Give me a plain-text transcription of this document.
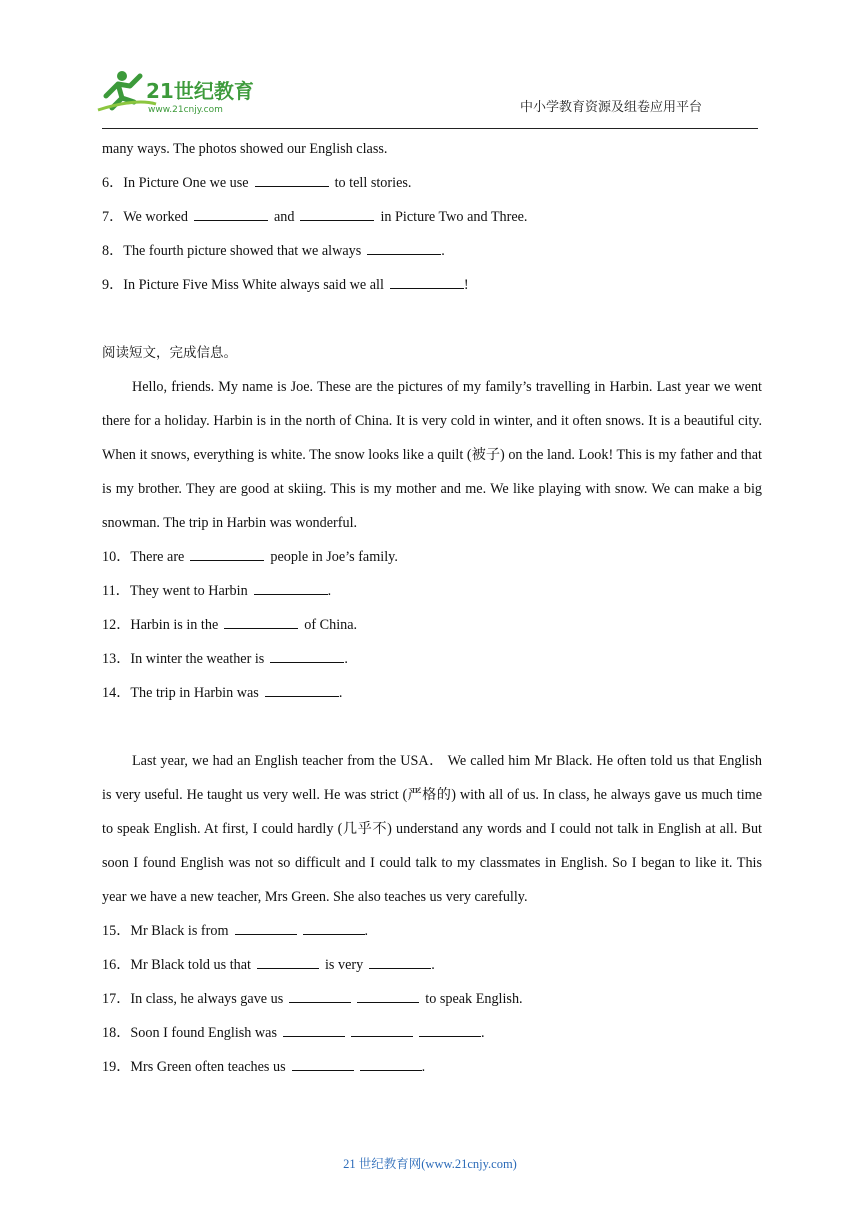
21世纪教育
www.21cnjy.com	中小学教育资源及组卷应用平台
many ways. The photos showed our English class.
6．In Picture One we use	to tell stories.
7．We worked	and	in Picture Two and Three.
8．The fourth picture showed that we always	.
9．In Picture Five Miss White always said we all	!
阅读短文，完成信息。

Hello, friends. My name is Joe. These are the pictures of my family’s travelling in Harbin. Last year we went there for a holiday. Harbin is in the north of China. It is very cold in winter, and it often snows. It is a beautiful city. When it snows, everything is white. The snow looks like a quilt (被子) on the land. Look! This is my father and that is my brother. They are good at skiing. This is my mother and me. We like playing with snow. We can make a big snowman. The trip in Harbin was wonderful.

10．There are	people in Joe’s family.
11．They went to Harbin	.
12．Harbin is in the	of China.
13．In winter the weather is	.
14．The trip in Harbin was	.

Last year, we had an English teacher from the USA． We called him Mr Black. He often told us that English is very useful. He taught us very well. He was strict (严格的) with all of us. In class, he always gave us much time to speak English. At first, I could hardly (几乎不) understand any words and I could not talk in English at all. But soon I found English was not so difficult and I could talk to my classmates in English. So I began to like it. This year we have a new teacher, Mrs Green. She also teaches us very carefully.

15．Mr Black is from	.
16．Mr Black told us that	is very	.
17．In class, he always gave us	to speak English.
18．Soon I found English was	.
19．Mrs Green often teaches us	.
21 世纪教育网(www.21cnjy.com)
